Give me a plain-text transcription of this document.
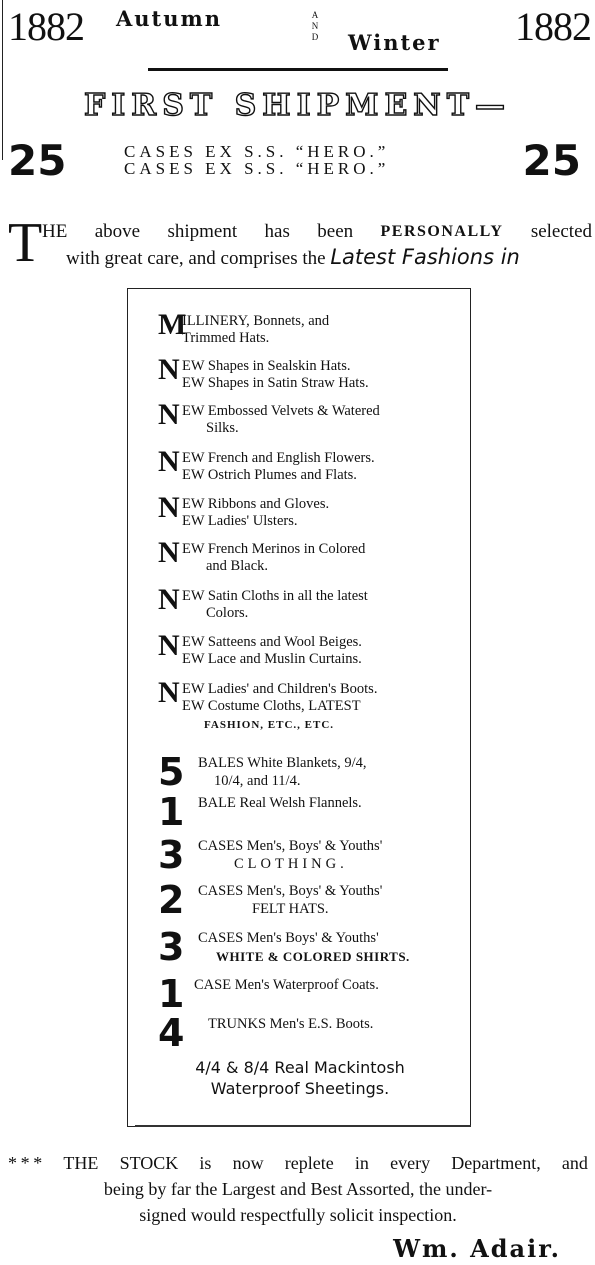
1882 Autumn	A
N
D Winter 1882
FIRST SHIPMENT—
25	CASES EX S.S. “HERO.”
CASES EX S.S. “HERO.”	25
T HE above shipment has been PERSONALLY selected
with great care, and comprises the Latest Fashions in
M
ILLINERY, Bonnets, and
Trimmed Hats.
N EW Shapes in Sealskin Hats.
EW Shapes in Satin Straw Hats.
N EW Embossed Velvets & Watered
Silks.
N EW French and English Flowers.
EW Ostrich Plumes and Flats.
N EW Ribbons and Gloves.
EW Ladies' Ulsters.
N EW French Merinos in Colored
and Black.
N EW Satin Cloths in all the latest
Colors.
N EW Satteens and Wool Beiges.
EW Lace and Muslin Curtains.
N EW Ladies' and Children's Boots.
EW Costume Cloths, LATEST
FASHION, ETC., ETC.
5 BALES White Blankets, 9/4,
10/4, and 11/4.
1 BALE Real Welsh Flannels.
3 CASES Men's, Boys' & Youths'
CLOTHING.
2 CASES Men's, Boys' & Youths'
FELT HATS.
3 CASES Men's Boys' & Youths'
WHITE & COLORED SHIRTS.
1 CASE Men's Waterproof Coats.
4 TRUNKS Men's E.S. Boots.
4/4 & 8/4 Real Mackintosh
Waterproof Sheetings.
* * * THE STOCK is now replete in every Department, and
being by far the Largest and Best Assorted, the under-
signed would respectfully solicit inspection.
Wm. Adair.
